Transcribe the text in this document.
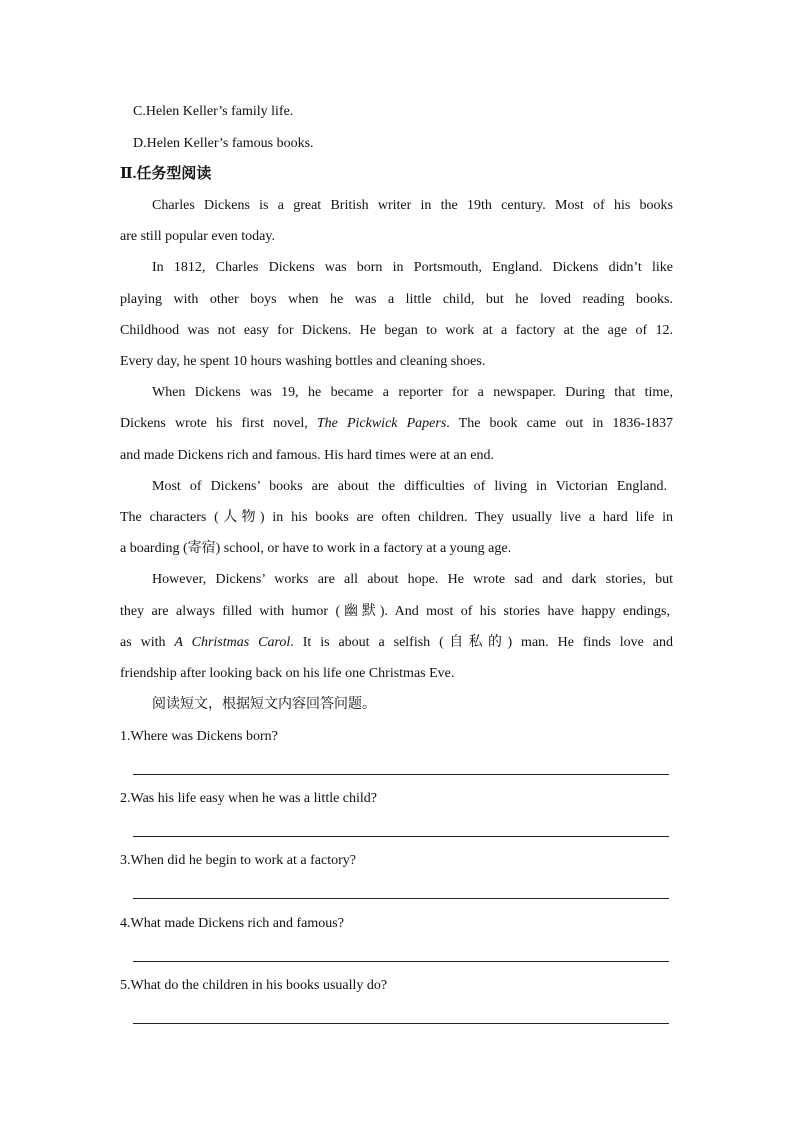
C.Helen Keller’s family life.
D.Helen Keller’s famous books.
Ⅱ.任务型阅读
Charles Dickens is a great British writer in the 19th century. Most of his books
are still popular even today.
In 1812, Charles Dickens was born in Portsmouth, England. Dickens didn’t like
playing with other boys when he was a little child, but he loved reading books.
Childhood was not easy for Dickens. He began to work at a factory at the age of 12.
Every day, he spent 10 hours washing bottles and cleaning shoes.
When Dickens was 19, he became a reporter for a newspaper. During that time,
Dickens wrote his first novel, The Pickwick Papers. The book came out in 1836-1837
and made Dickens rich and famous. His hard times were at an end.
Most of Dickens’ books are about the difficulties of living in Victorian England.
The characters (人物) in his books are often children. They usually live a hard life in
a boarding (寄宿) school, or have to work in a factory at a young age.
However, Dickens’ works are all about hope. He wrote sad and dark stories, but
they are always filled with humor (幽默). And most of his stories have happy endings,
as with A Christmas Carol. It is about a selfish (自私的) man. He finds love and
friendship after looking back on his life one Christmas Eve.
阅读短文，根据短文内容回答问题。
1.Where was Dickens born?
2.Was his life easy when he was a little child?
3.When did he begin to work at a factory?
4.What made Dickens rich and famous?
5.What do the children in his books usually do?
